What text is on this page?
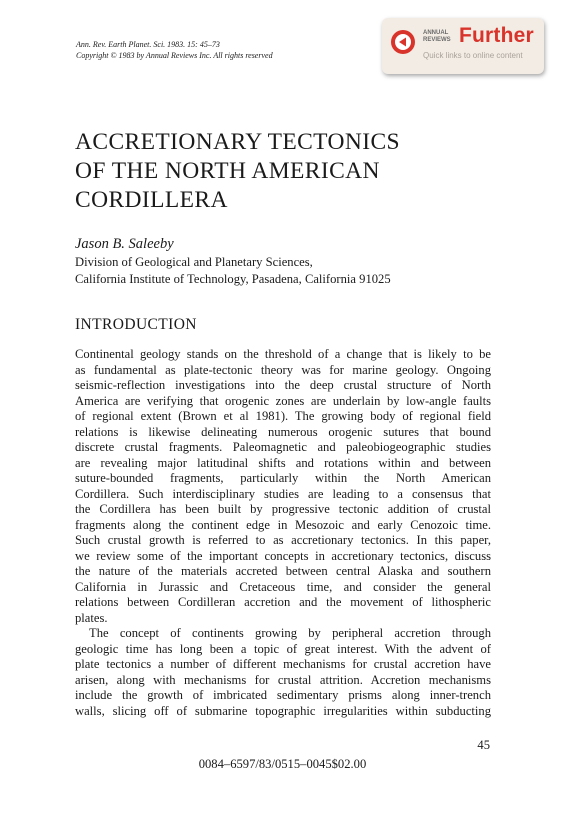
Ann. Rev. Earth Planet. Sci. 1983. 15: 45–73
Copyright © 1983 by Annual Reviews Inc. All rights reserved
ANNUAL
REVIEWS Further
Quick links to online content
ACCRETIONARY TECTONICS
OF THE NORTH AMERICAN
CORDILLERA
Jason B. Saleeby
Division of Geological and Planetary Sciences,
California Institute of Technology, Pasadena, California 91025
INTRODUCTION

Continental geology stands on the threshold of a change that is likely to be

as fundamental as plate-tectonic theory was for marine geology. Ongoing

seismic-reflection investigations into the deep crustal structure of North

America are verifying that orogenic zones are underlain by low-angle faults

of regional extent (Brown et al 1981). The growing body of regional field

relations is likewise delineating numerous orogenic sutures that bound

discrete crustal fragments. Paleomagnetic and paleobiogeographic studies

are revealing major latitudinal shifts and rotations within and between

suture-bounded fragments, particularly within the North American

Cordillera. Such interdisciplinary studies are leading to a consensus that

the Cordillera has been built by progressive tectonic addition of crustal

fragments along the continent edge in Mesozoic and early Cenozoic time.

Such crustal growth is referred to as accretionary tectonics. In this paper,

we review some of the important concepts in accretionary tectonics, discuss

the nature of the materials accreted between central Alaska and southern

California in Jurassic and Cretaceous time, and consider the general

relations between Cordilleran accretion and the movement of lithospheric

plates.

The concept of continents growing by peripheral accretion through

geologic time has long been a topic of great interest. With the advent of

plate tectonics a number of different mechanisms for crustal accretion have

arisen, along with mechanisms for crustal attrition. Accretion mechanisms

include the growth of imbricated sedimentary prisms along inner-trench

walls, slicing off of submarine topographic irregularities within subducting

45
0084–6597/83/0515–0045$02.00
